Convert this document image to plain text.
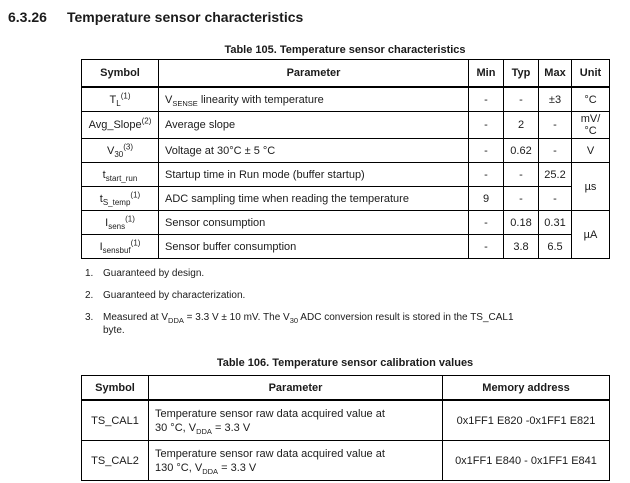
6.3.26	Temperature sensor characteristics
Table 105. Temperature sensor characteristics
Symbol	Parameter	Min	Typ	Max	Unit
$T_L^{(1)}$	$V_{SENSE}$ linearity with temperature	-	-	±3	°C
Avg_Slope$^{(2)}$	Average slope	-	2	-	mV/°C
$V_{30}^{(3)}$	Voltage at 30°C ± 5 °C	-	0.62	-	V
$t_{start\_run}$	Startup time in Run mode (buffer startup)	-	-	25.2	µs
$t_{S\_temp}^{(1)}$	ADC sampling time when reading the temperature	9	-	-	
$I_{sens}^{(1)}$	Sensor consumption	-	0.18	0.31	µA
$I_{sensbuf}^{(1)}$	Sensor buffer consumption	-	3.8	6.5	
1. Guaranteed by design.
2. Guaranteed by characterization.
3. Measured at $V_{DDA} = 3.3$ V ± 10 mV. The $V_{30}$ ADC conversion result is stored in the TS_CAL1
byte.
Table 106. Temperature sensor calibration values
Symbol	Parameter	Memory address
TS_CAL1	Temperature sensor raw data acquired value at
30 °C, $V_{DDA} = 3.3$ V	0x1FF1 E820 -0x1FF1 E821
TS_CAL2	Temperature sensor raw data acquired value at
130 °C, $V_{DDA} = 3.3$ V	0x1FF1 E840 - 0x1FF1 E841
